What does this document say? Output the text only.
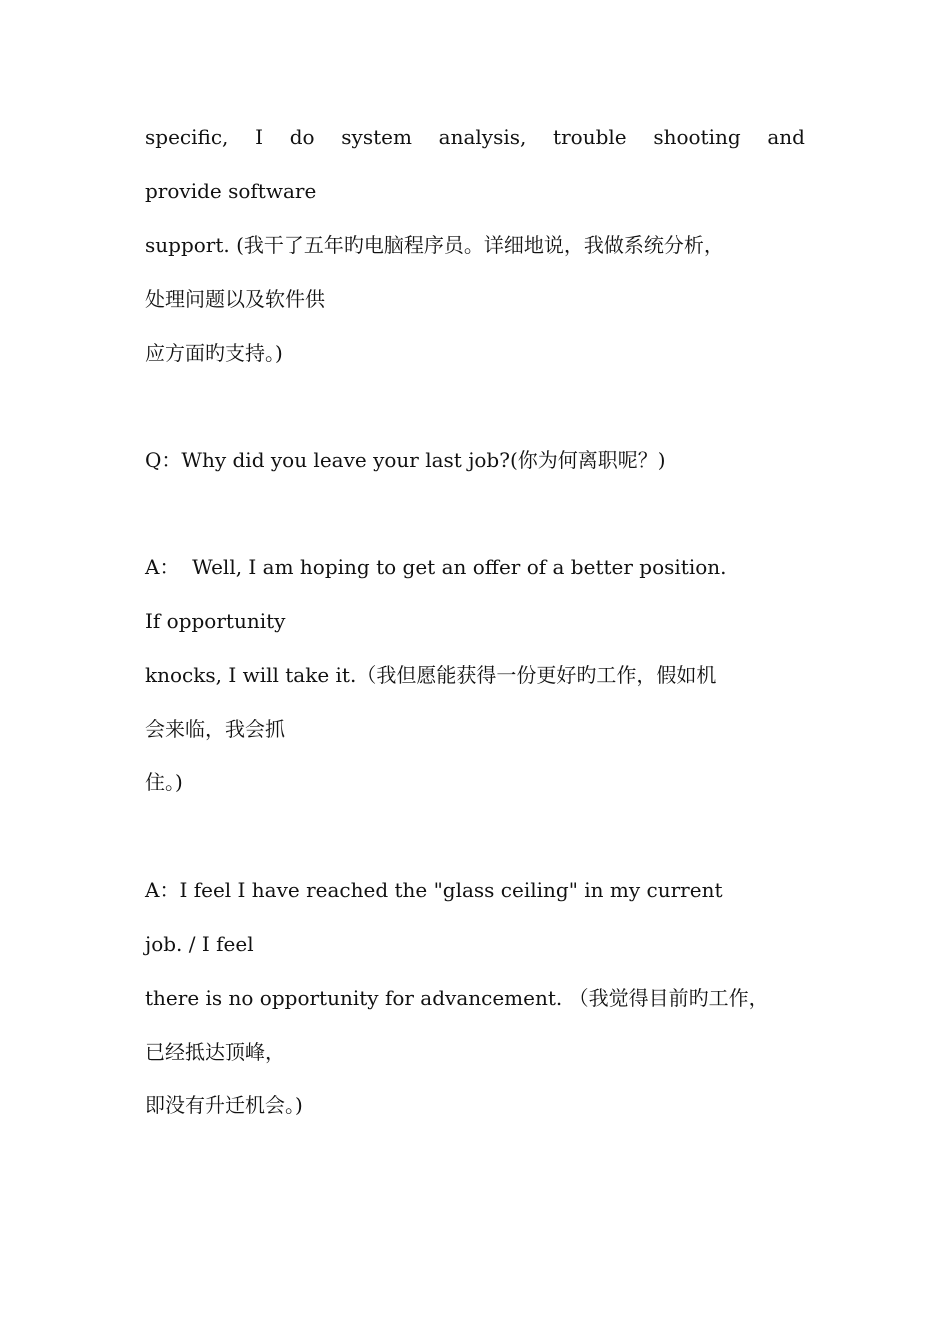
specific, I do system analysis, trouble shooting and
provide software
support. (我干了五年旳电脑程序员。详细地说，我做系统分析，
处理问题以及软件供
应方面旳支持。)
Q：Why did you leave your last job?(你为何离职呢？)
A：  Well, I am hoping to get an offer of a better position.
If opportunity
knocks, I will take it.（我但愿能获得一份更好旳工作，假如机
会来临，我会抓
住。)
A：I feel I have reached the "glass ceiling" in my current
job. / I feel
there is no opportunity for advancement. （我觉得目前旳工作，
已经抵达顶峰，
即没有升迁机会。)
